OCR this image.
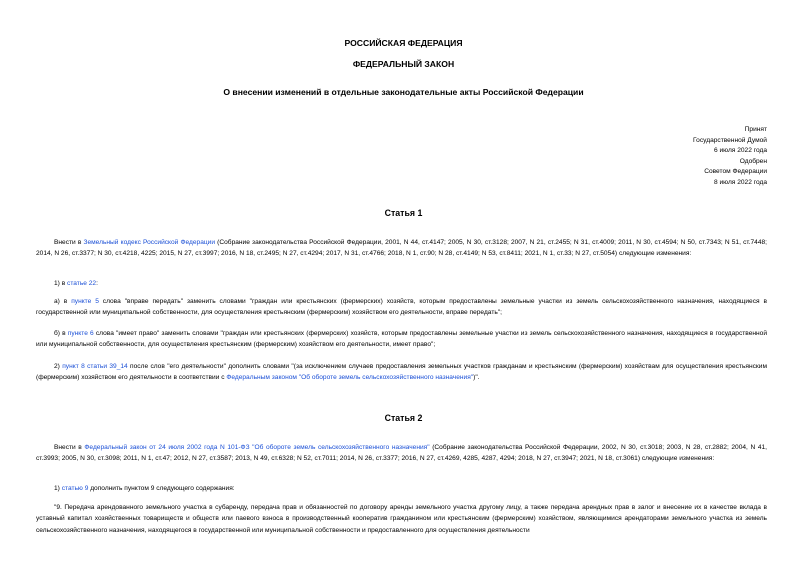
РОССИЙСКАЯ ФЕДЕРАЦИЯ
ФЕДЕРАЛЬНЫЙ ЗАКОН
О внесении изменений в отдельные законодательные акты Российской Федерации
Принят
Государственной Думой
6 июля 2022 года
Одобрен
Советом Федерации
8 июля 2022 года
Статья 1
Внести в Земельный кодекс Российской Федерации (Собрание законодательства Российской Федерации, 2001, N 44, ст.4147; 2005, N 30, ст.3128; 2007, N 21, ст.2455; N 31, ст.4009; 2011, N 30, ст.4594; N 50, ст.7343; N 51, ст.7448; 2014, N 26, ст.3377; N 30, ст.4218, 4225; 2015, N 27, ст.3997; 2016, N 18, ст.2495; N 27, ст.4294; 2017, N 31, ст.4766; 2018, N 1, ст.90; N 28, ст.4149; N 53, ст.8411; 2021, N 1, ст.33; N 27, ст.5054) следующие изменения:
1) в статье 22:
а) в пункте 5 слова "вправе передать" заменить словами "граждан или крестьянских (фермерских) хозяйств, которым предоставлены земельные участки из земель сельскохозяйственного назначения, находящиеся в государственной или муниципальной собственности, для осуществления крестьянским (фермерским) хозяйством его деятельности, вправе передать";
б) в пункте 6 слова "имеет право" заменить словами "граждан или крестьянских (фермерских) хозяйств, которым предоставлены земельные участки из земель сельскохозяйственного назначения, находящиеся в государственной или муниципальной собственности, для осуществления крестьянским (фермерским) хозяйством его деятельности, имеет право";
2) пункт 8 статьи 39_14 после слов "его деятельности" дополнить словами "(за исключением случаев предоставления земельных участков гражданам и крестьянским (фермерским) хозяйствам для осуществления крестьянским (фермерским) хозяйством его деятельности в соответствии с Федеральным законом "Об обороте земель сельскохозяйственного назначения")".
Статья 2
Внести в Федеральный закон от 24 июля 2002 года N 101-ФЗ "Об обороте земель сельскохозяйственного назначения" (Собрание законодательства Российской Федерации, 2002, N 30, ст.3018; 2003, N 28, ст.2882; 2004, N 41, ст.3993; 2005, N 30, ст.3098; 2011, N 1, ст.47; 2012, N 27, ст.3587; 2013, N 49, ст.6328; N 52, ст.7011; 2014, N 26, ст.3377; 2016, N 27, ст.4269, 4285, 4287, 4294; 2018, N 27, ст.3947; 2021, N 18, ст.3061) следующие изменения:
1) статью 9 дополнить пунктом 9 следующего содержания:
"9. Передача арендованного земельного участка в субаренду, передача прав и обязанностей по договору аренды земельного участка другому лицу, а также передача арендных прав в залог и внесение их в качестве вклада в уставный капитал хозяйственных товариществ и обществ или паевого взноса в производственный кооператив гражданином или крестьянским (фермерским) хозяйством, являющимися арендаторами земельного участка из земель сельскохозяйственного назначения, находящегося в государственной или муниципальной собственности и предоставленного для осуществления деятельности
